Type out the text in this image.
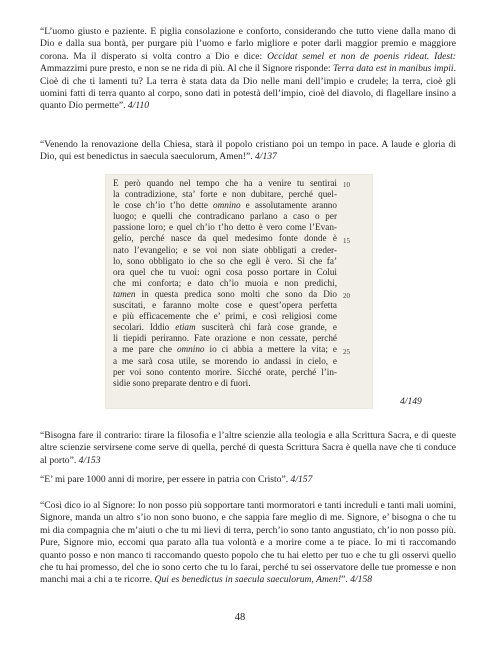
“L’uomo giusto e paziente. E piglia consolazione e conforto, considerando che tutto viene dalla mano di Dio e dalla sua bontà, per purgare più l’uomo e farlo migliore e poter darli maggior premio e maggiore corona. Ma il disperato si volta contro a Dio e dice: Occidat semel et non de poenis rideat. Idest: Ammazzimi pure presto, e non se ne rida di più. Al che il Signore risponde: Terra data est in manibus impii. Cioè di che ti lamenti tu? La terra è stata data da Dio nelle mani dell’impio e crudele; la terra, cioè gli uomini fatti di terra quanto al corpo, sono dati in potestà dell’impio, cioè del diavolo, di flagellare insino a quanto Dio permette”. 4/110

“Venendo la renovazione della Chiesa, starà il popolo cristiano poi un tempo in pace. A laude e gloria di Dio, qui est benedictus in saecula saeculorum, Amen!”. 4/137

E però quando nel tempo che ha a venire tu sentirai
la contradizione, sta’ forte e non dubitare, perché quel-
le cose ch’io t’ho dette omnino e assolutamente aranno
luogo; e quelli che contradicano parlano a caso o per
passione loro; e quel ch’io t’ho detto è vero come l’Evan-
gelio, perché nasce da quel medesimo fonte donde è
nato l’evangelio; e se voi non siate obbligati a creder-
lo, sono obbligato io che so che egli è vero. Sì che fa’
ora quel che tu vuoi: ogni cosa posso portare in Colui
che mi conforta; e dato ch’io muoia e non predichi,
tamen in questa predica sono molti che sono da Dio
suscitati, e faranno molte cose e quest’opera perfetta
e più efficacemente che e’ primi, e così religiosi come
secolari. Iddio etiam susciterà chi farà cose grande, e
li tiepidi periranno. Fate orazione e non cessate, perché
a me pare che omnino io ci abbia a mettere la vita; e
a me sarà cosa utile, se morendo io andassi in cielo, e
per voi sono contento morire. Sicché orate, perché l’in-
sidie sono preparate dentro e di fuori.
10
15
20
25
4/149

“Bisogna fare il contrario: tirare la filosofia e l’altre scienzie alla teologia e alla Scrittura Sacra, e di queste altre scienzie servirsene come serve di quella, perché di questa Scrittura Sacra è quella nave che ti conduce al porto”. 4/153

“E’ mi pare 1000 anni di morire, per essere in patria con Cristo”. 4/157

“Così dico io al Signore: Io non posso più sopportare tanti mormoratori e tanti increduli e tanti mali uomini, Signore, manda un altro s’io non sono buono, e che sappia fare meglio di me. Signore, e’ bisogna o che tu mi dia compagnia che m’aiuti o che tu mi lievi di terra, perch’io sono tanto angustiato, ch’io non posso più. Pure, Signore mio, eccomi qua parato alla tua volontà e a morire come a te piace. Io mi ti raccomando quanto posso e non manco ti raccomando questo popolo che tu hai eletto per tuo e che tu gli osservi quello che tu hai promesso, del che io sono certo che tu lo farai, perché tu sei osservatore delle tue promesse e non manchi mai a chi a te ricorre. Qui es benedictus in saecula saeculorum, Amen!”. 4/158

48
